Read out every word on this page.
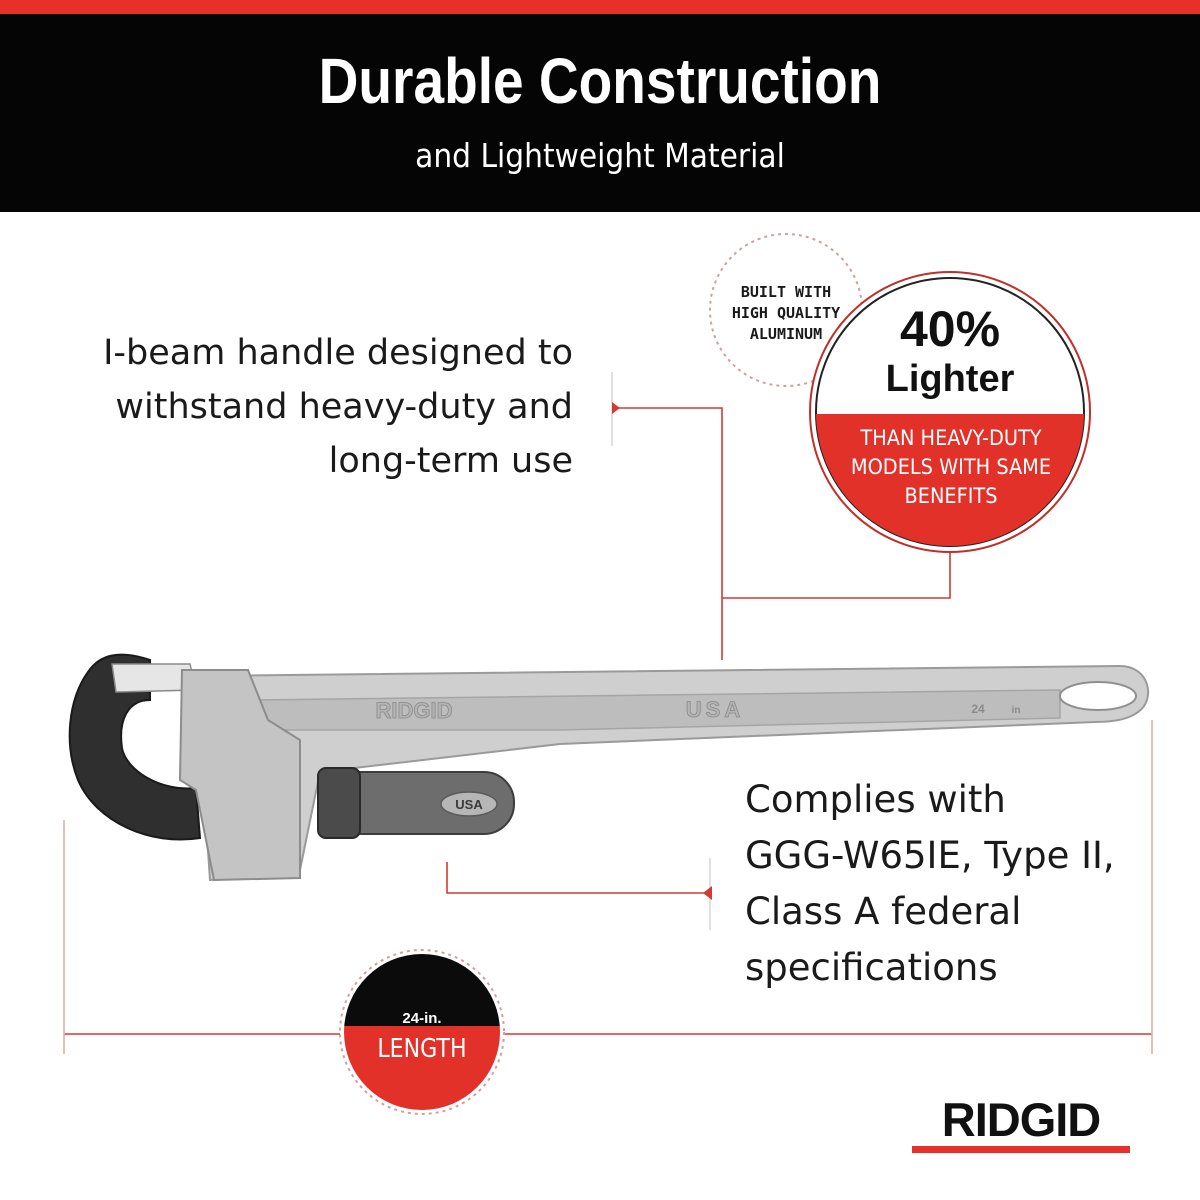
Durable Construction
and Lightweight Material
RIDGID	USA	24	in
USA
I-beam handle designed to
withstand heavy-duty and
long-term use
Complies with
GGG-W65IE, Type II,
Class A federal
specifications
BUILT WITH
HIGH QUALITY
ALUMINUM	40%
Lighter
THAN HEAVY-DUTY
MODELS WITH SAME
BENEFITS
24-in.
LENGTH
RIDGID
